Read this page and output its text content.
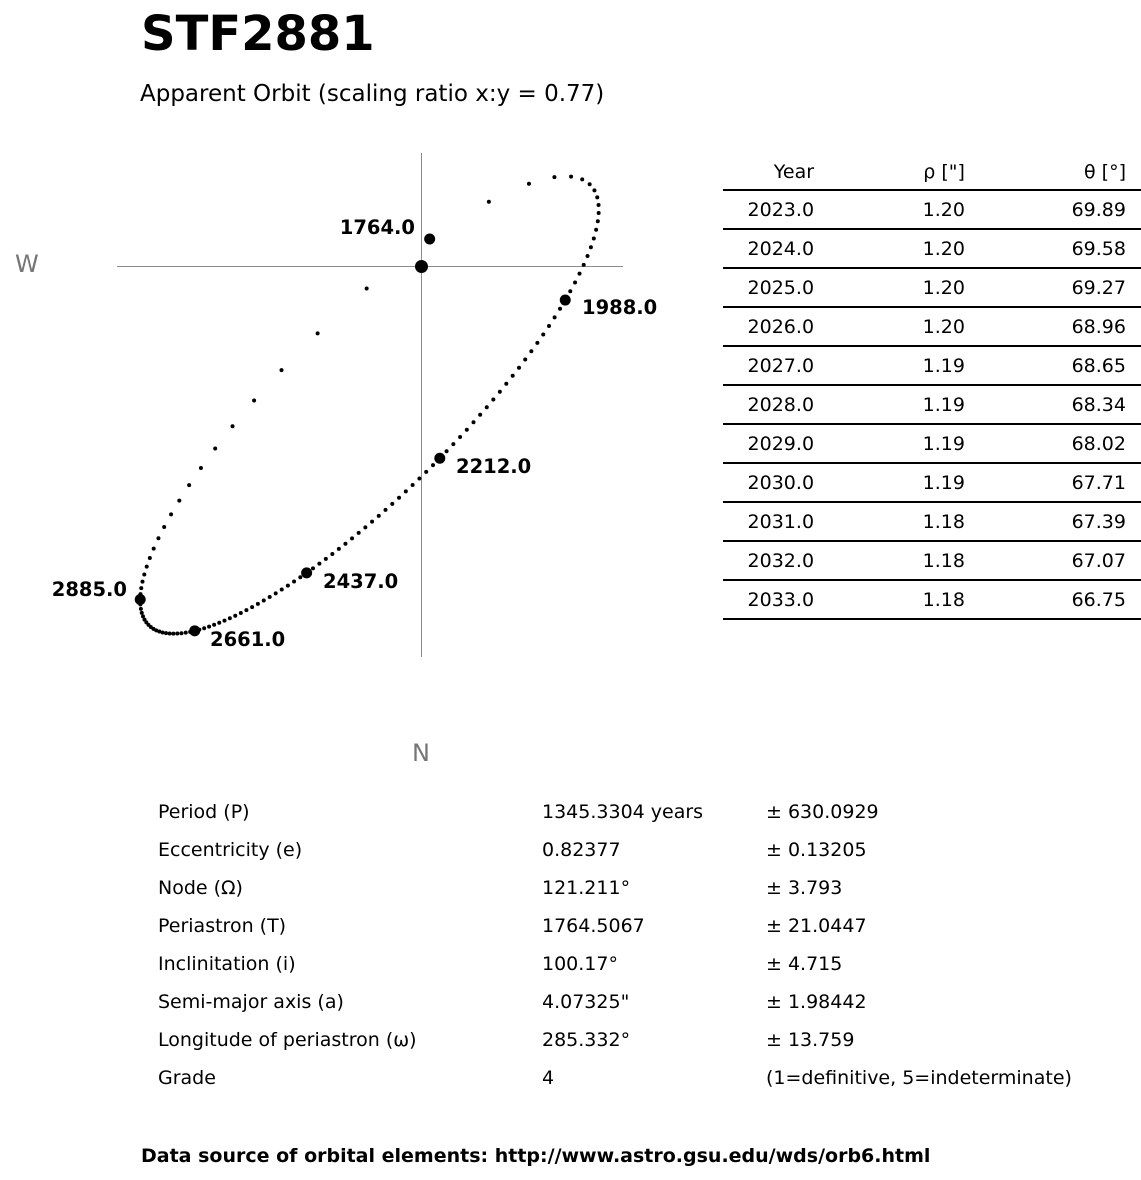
STF2881
Apparent Orbit (scaling ratio x:y = 0.77)
W
N
1764.0
1988.0
2212.0
2437.0
2661.0
2885.0
Year	ρ ["]	θ [°]
2023.0	1.20	69.89
2024.0	1.20	69.58
2025.0	1.20	69.27
2026.0	1.20	68.96
2027.0	1.19	68.65
2028.0	1.19	68.34
2029.0	1.19	68.02
2030.0	1.19	67.71
2031.0	1.18	67.39
2032.0	1.18	67.07
2033.0	1.18	66.75
Period (P)	1345.3304 years	± 630.0929
Eccentricity (e)	0.82377	± 0.13205
Node (Ω)	121.211°	± 3.793
Periastron (T)	1764.5067	± 21.0447
Inclinitation (i)	100.17°	± 4.715
Semi-major axis (a)	4.07325"	± 1.98442
Longitude of periastron (ω)	285.332°	± 13.759
Grade	4	(1=definitive, 5=indeterminate)
Data source of orbital elements: http://www.astro.gsu.edu/wds/orb6.html
